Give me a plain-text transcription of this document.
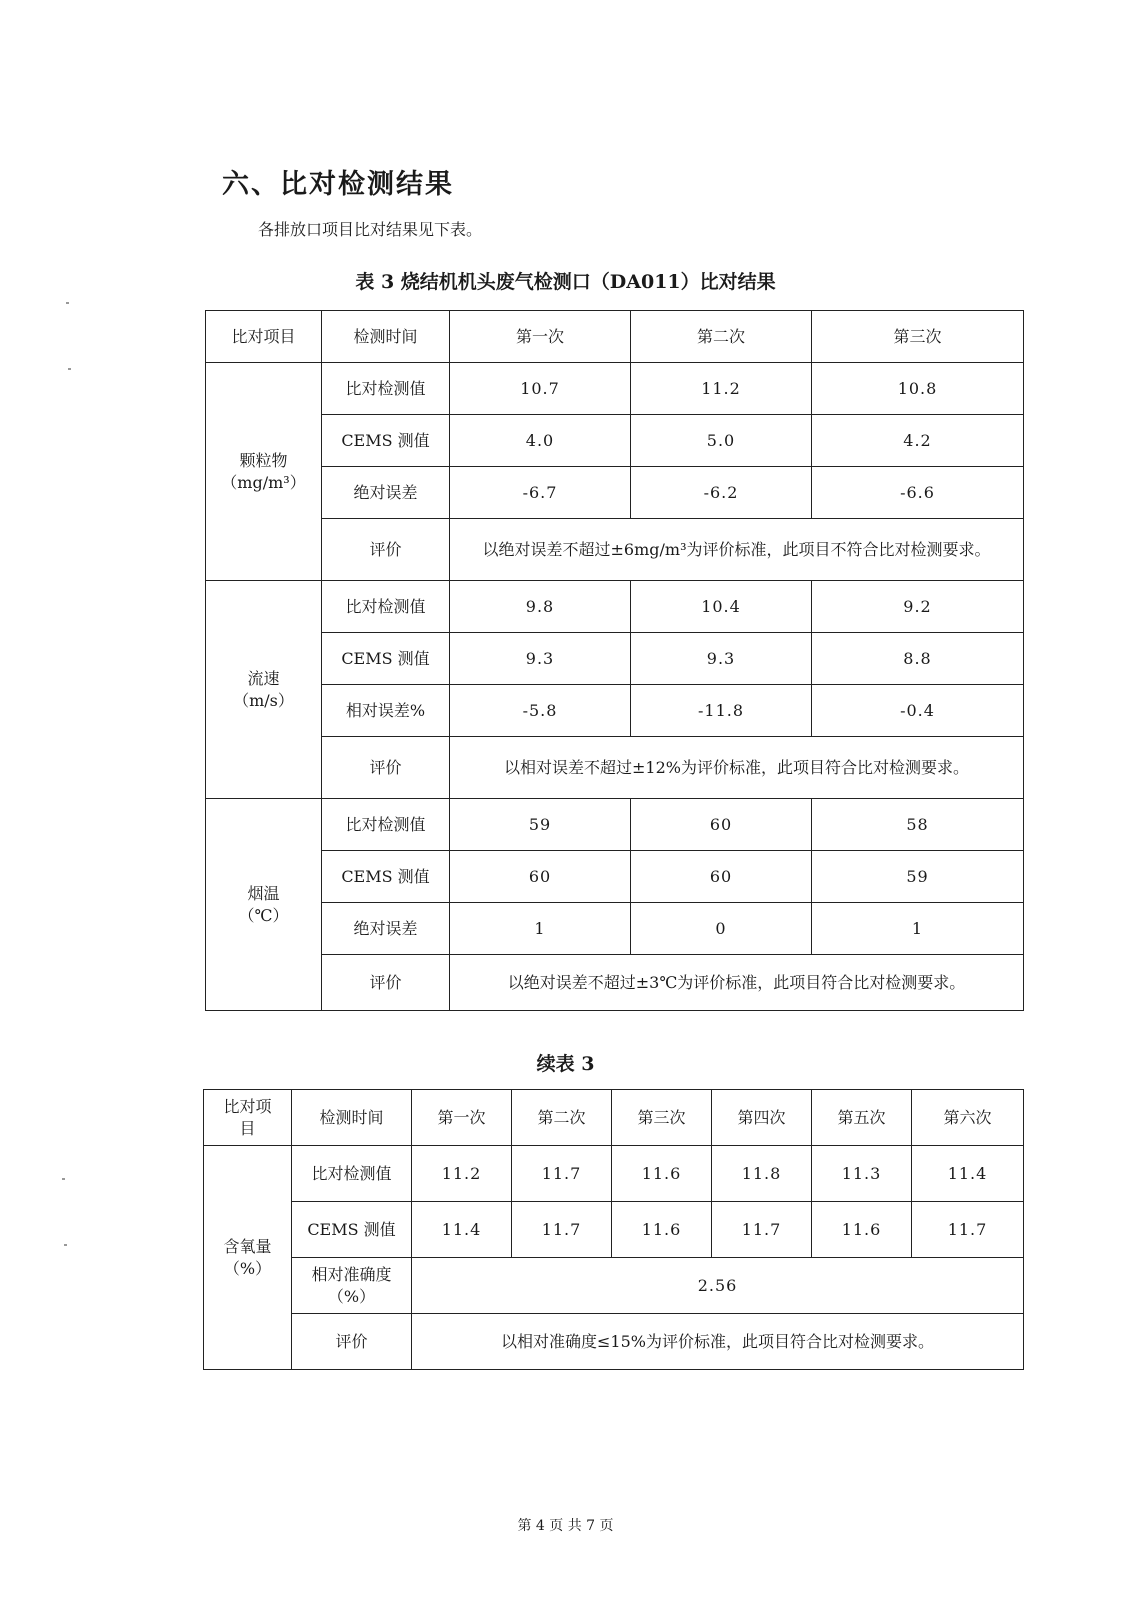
六、比对检测结果
各排放口项目比对结果见下表。
表 3 烧结机机头废气检测口（DA011）比对结果
比对项目	检测时间	第一次	第二次	第三次

颗粒物
（mg/m³）	比对检测值	10.7	11.2	10.8
	CEMS 测值	4.0	5.0	4.2
	绝对误差	-6.7	-6.2	-6.6
	评价	以绝对误差不超过±6mg/m³为评价标准，此项目不符合比对检测要求。		

流速
（m/s）	比对检测值	9.8	10.4	9.2
	CEMS 测值	9.3	9.3	8.8
	相对误差%	-5.8	-11.8	-0.4
	评价	以相对误差不超过±12%为评价标准，此项目符合比对检测要求。		

烟温
（℃）	比对检测值	59	60	58
	CEMS 测值	60	60	59
	绝对误差	1	0	1
	评价	以绝对误差不超过±3℃为评价标准，此项目符合比对检测要求。		
续表 3
比对项目	检测时间	第一次	第二次	第三次	第四次	第五次	第六次

含氧量
（%）	比对检测值	11.2	11.7	11.6	11.8	11.3	11.4
	CEMS 测值	11.4	11.7	11.6	11.7	11.6	11.7
	相对准确度（%）	2.56					
	评价	以相对准确度≤15%为评价标准，此项目符合比对检测要求。					
第 4 页 共 7 页
